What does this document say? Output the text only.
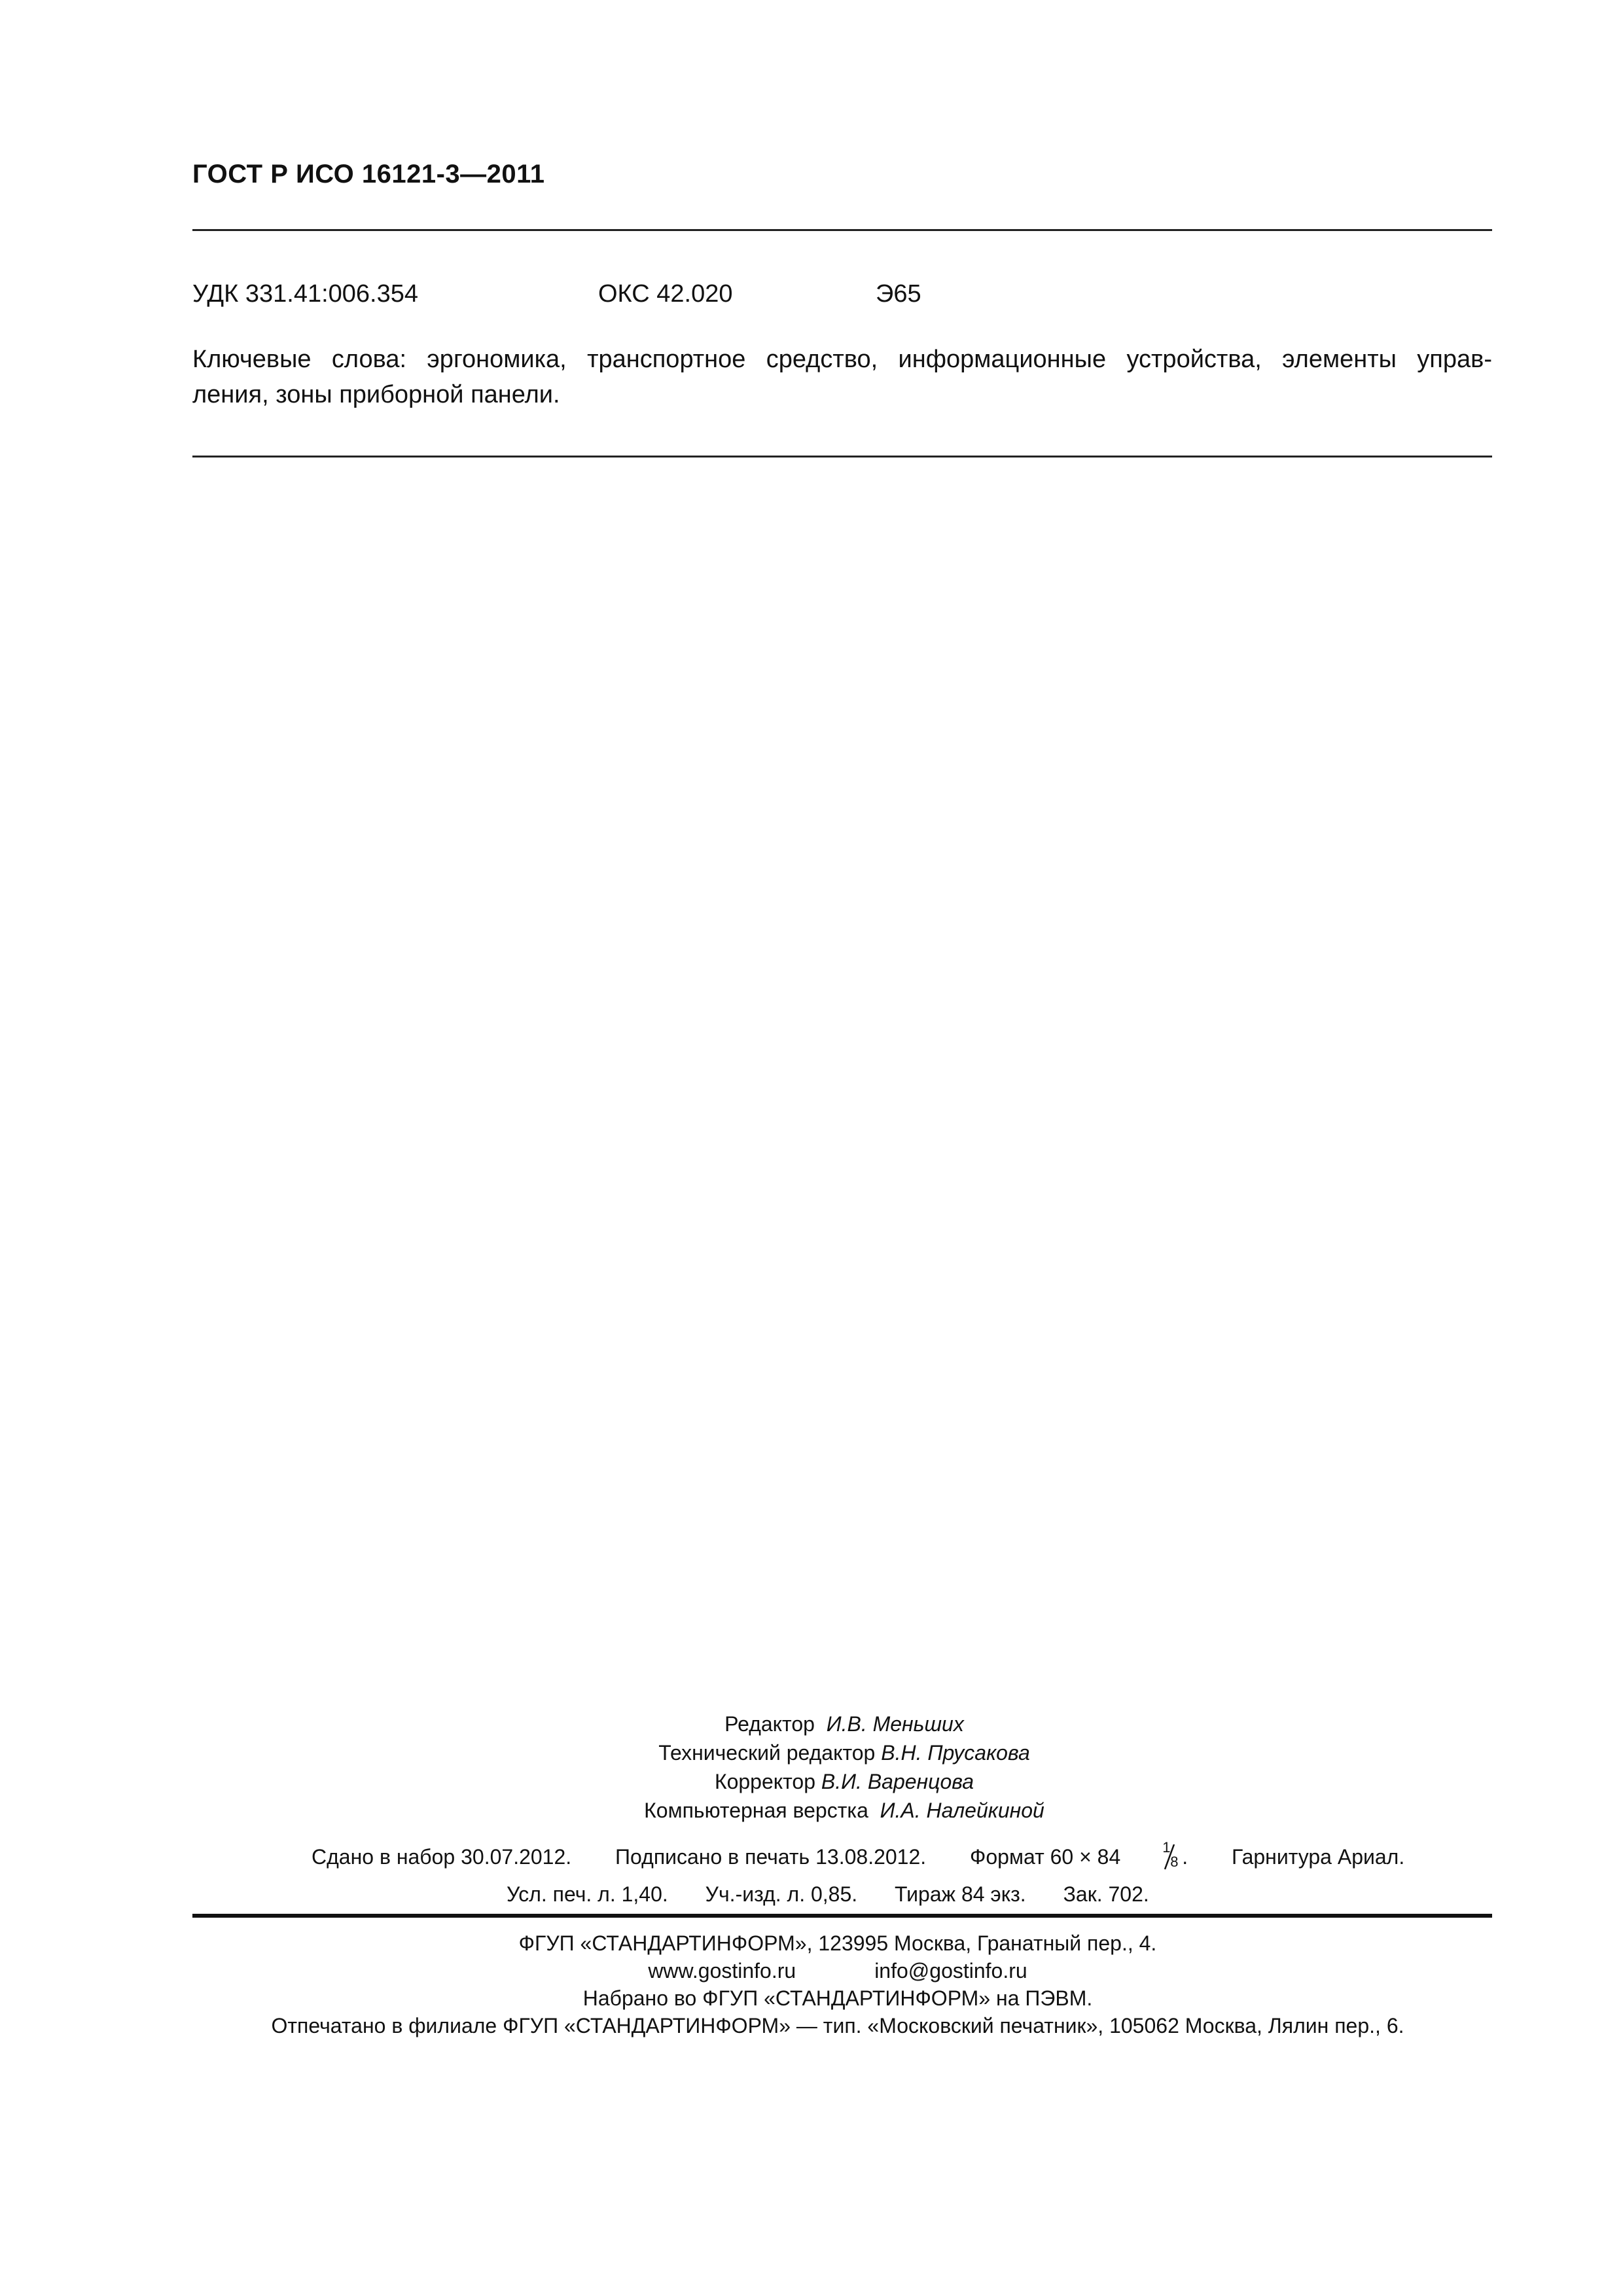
ГОСТ Р ИСО 16121-3—2011
УДК 331.41:006.354	ОКС 42.020	Э65
Ключевые слова: эргономика, транспортное средство, информационные устройства, элементы управ-
ления, зоны приборной панели.
Редактор И.В. Меньших
Технический редактор В.Н. Прусакова
Корректор В.И. Варенцова
Компьютерная верстка И.А. Налейкиной
Сдано в набор 30.07.2012. Подписано в печать 13.08.2012. Формат 60 × 84	1
8 . Гарнитура Ариал.
Усл. печ. л. 1,40. Уч.-изд. л. 0,85. Тираж 84 экз. Зак. 702.
ФГУП «СТАНДАРТИНФОРМ», 123995 Москва, Гранатный пер., 4.
www.gostinfo.ru	info@gostinfo.ru
Набрано во ФГУП «СТАНДАРТИНФОРМ» на ПЭВМ.
Отпечатано в филиале ФГУП «СТАНДАРТИНФОРМ» — тип. «Московский печатник», 105062 Москва, Лялин пер., 6.
